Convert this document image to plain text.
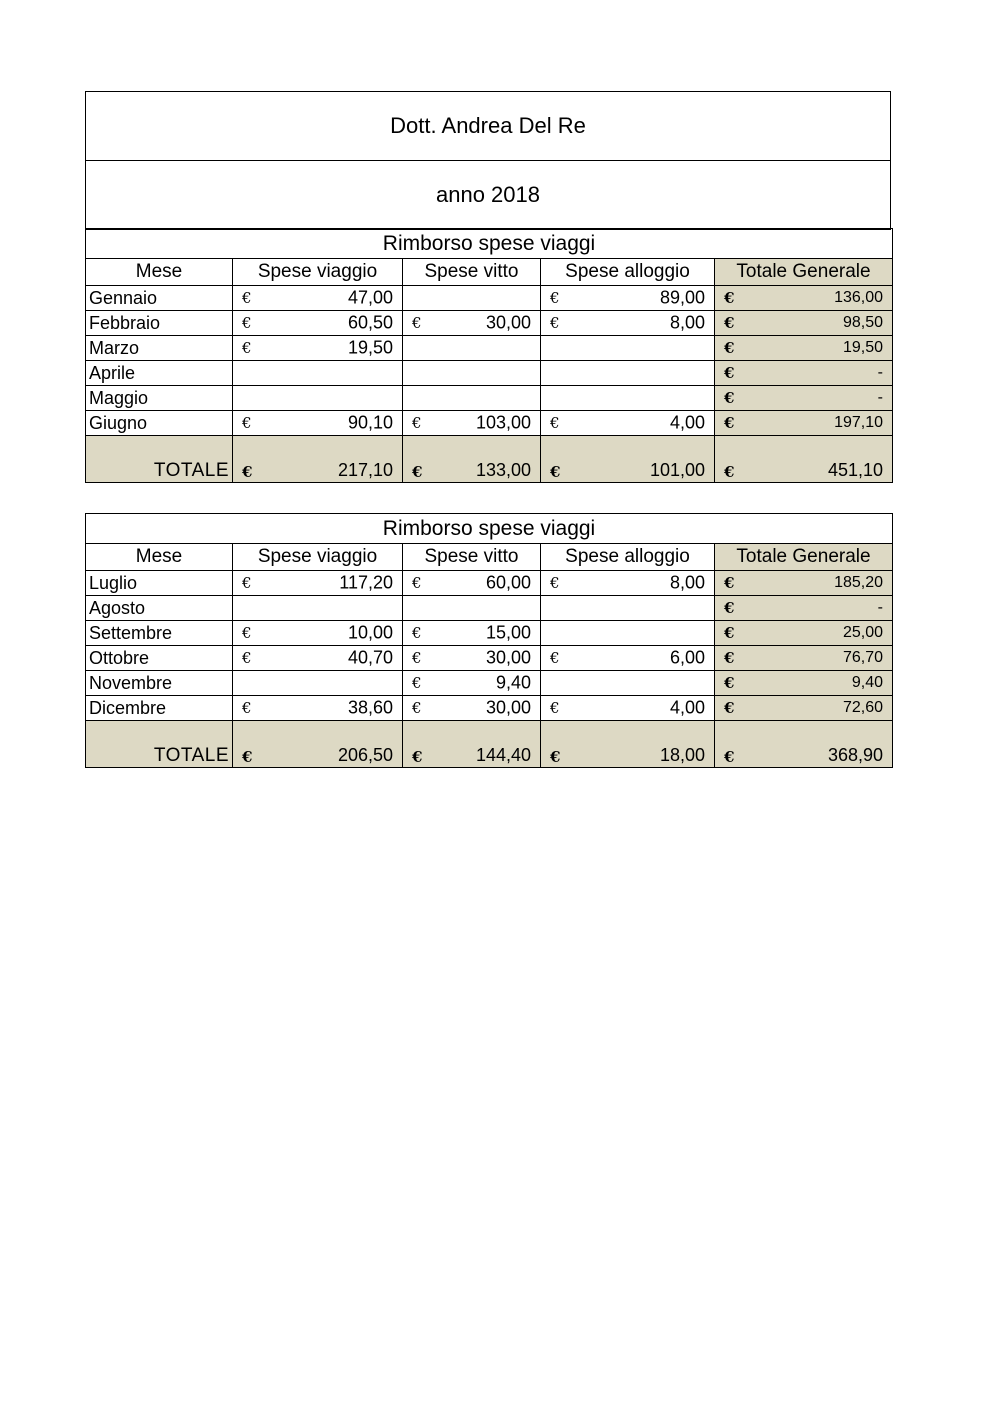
Dott. Andrea Del Re
anno 2018
Rimborso spese viaggi				
Mese	Spese viaggio	Spese vitto	Spese alloggio	Totale Generale
Gennaio	€ 47,00		€ 89,00	€ 136,00

Febbraio	€ 60,50	€ 30,00	€ 8,00	€ 98,50

Marzo	€ 19,50			€ 19,50

Aprile				€ -

Maggio				€ -

Giugno	€ 90,10	€ 103,00	€ 4,00	€ 197,10

TOTALE	€ 217,10	€ 133,00	€ 101,00	€ 451,10
Rimborso spese viaggi				
Mese	Spese viaggio	Spese vitto	Spese alloggio	Totale Generale
Luglio	€ 117,20	€ 60,00	€ 8,00	€ 185,20

Agosto				€ -

Settembre	€ 10,00	€ 15,00		€ 25,00

Ottobre	€ 40,70	€ 30,00	€ 6,00	€ 76,70

Novembre		€ 9,40		€ 9,40

Dicembre	€ 38,60	€ 30,00	€ 4,00	€ 72,60

TOTALE	€ 206,50	€ 144,40	€ 18,00	€ 368,90
